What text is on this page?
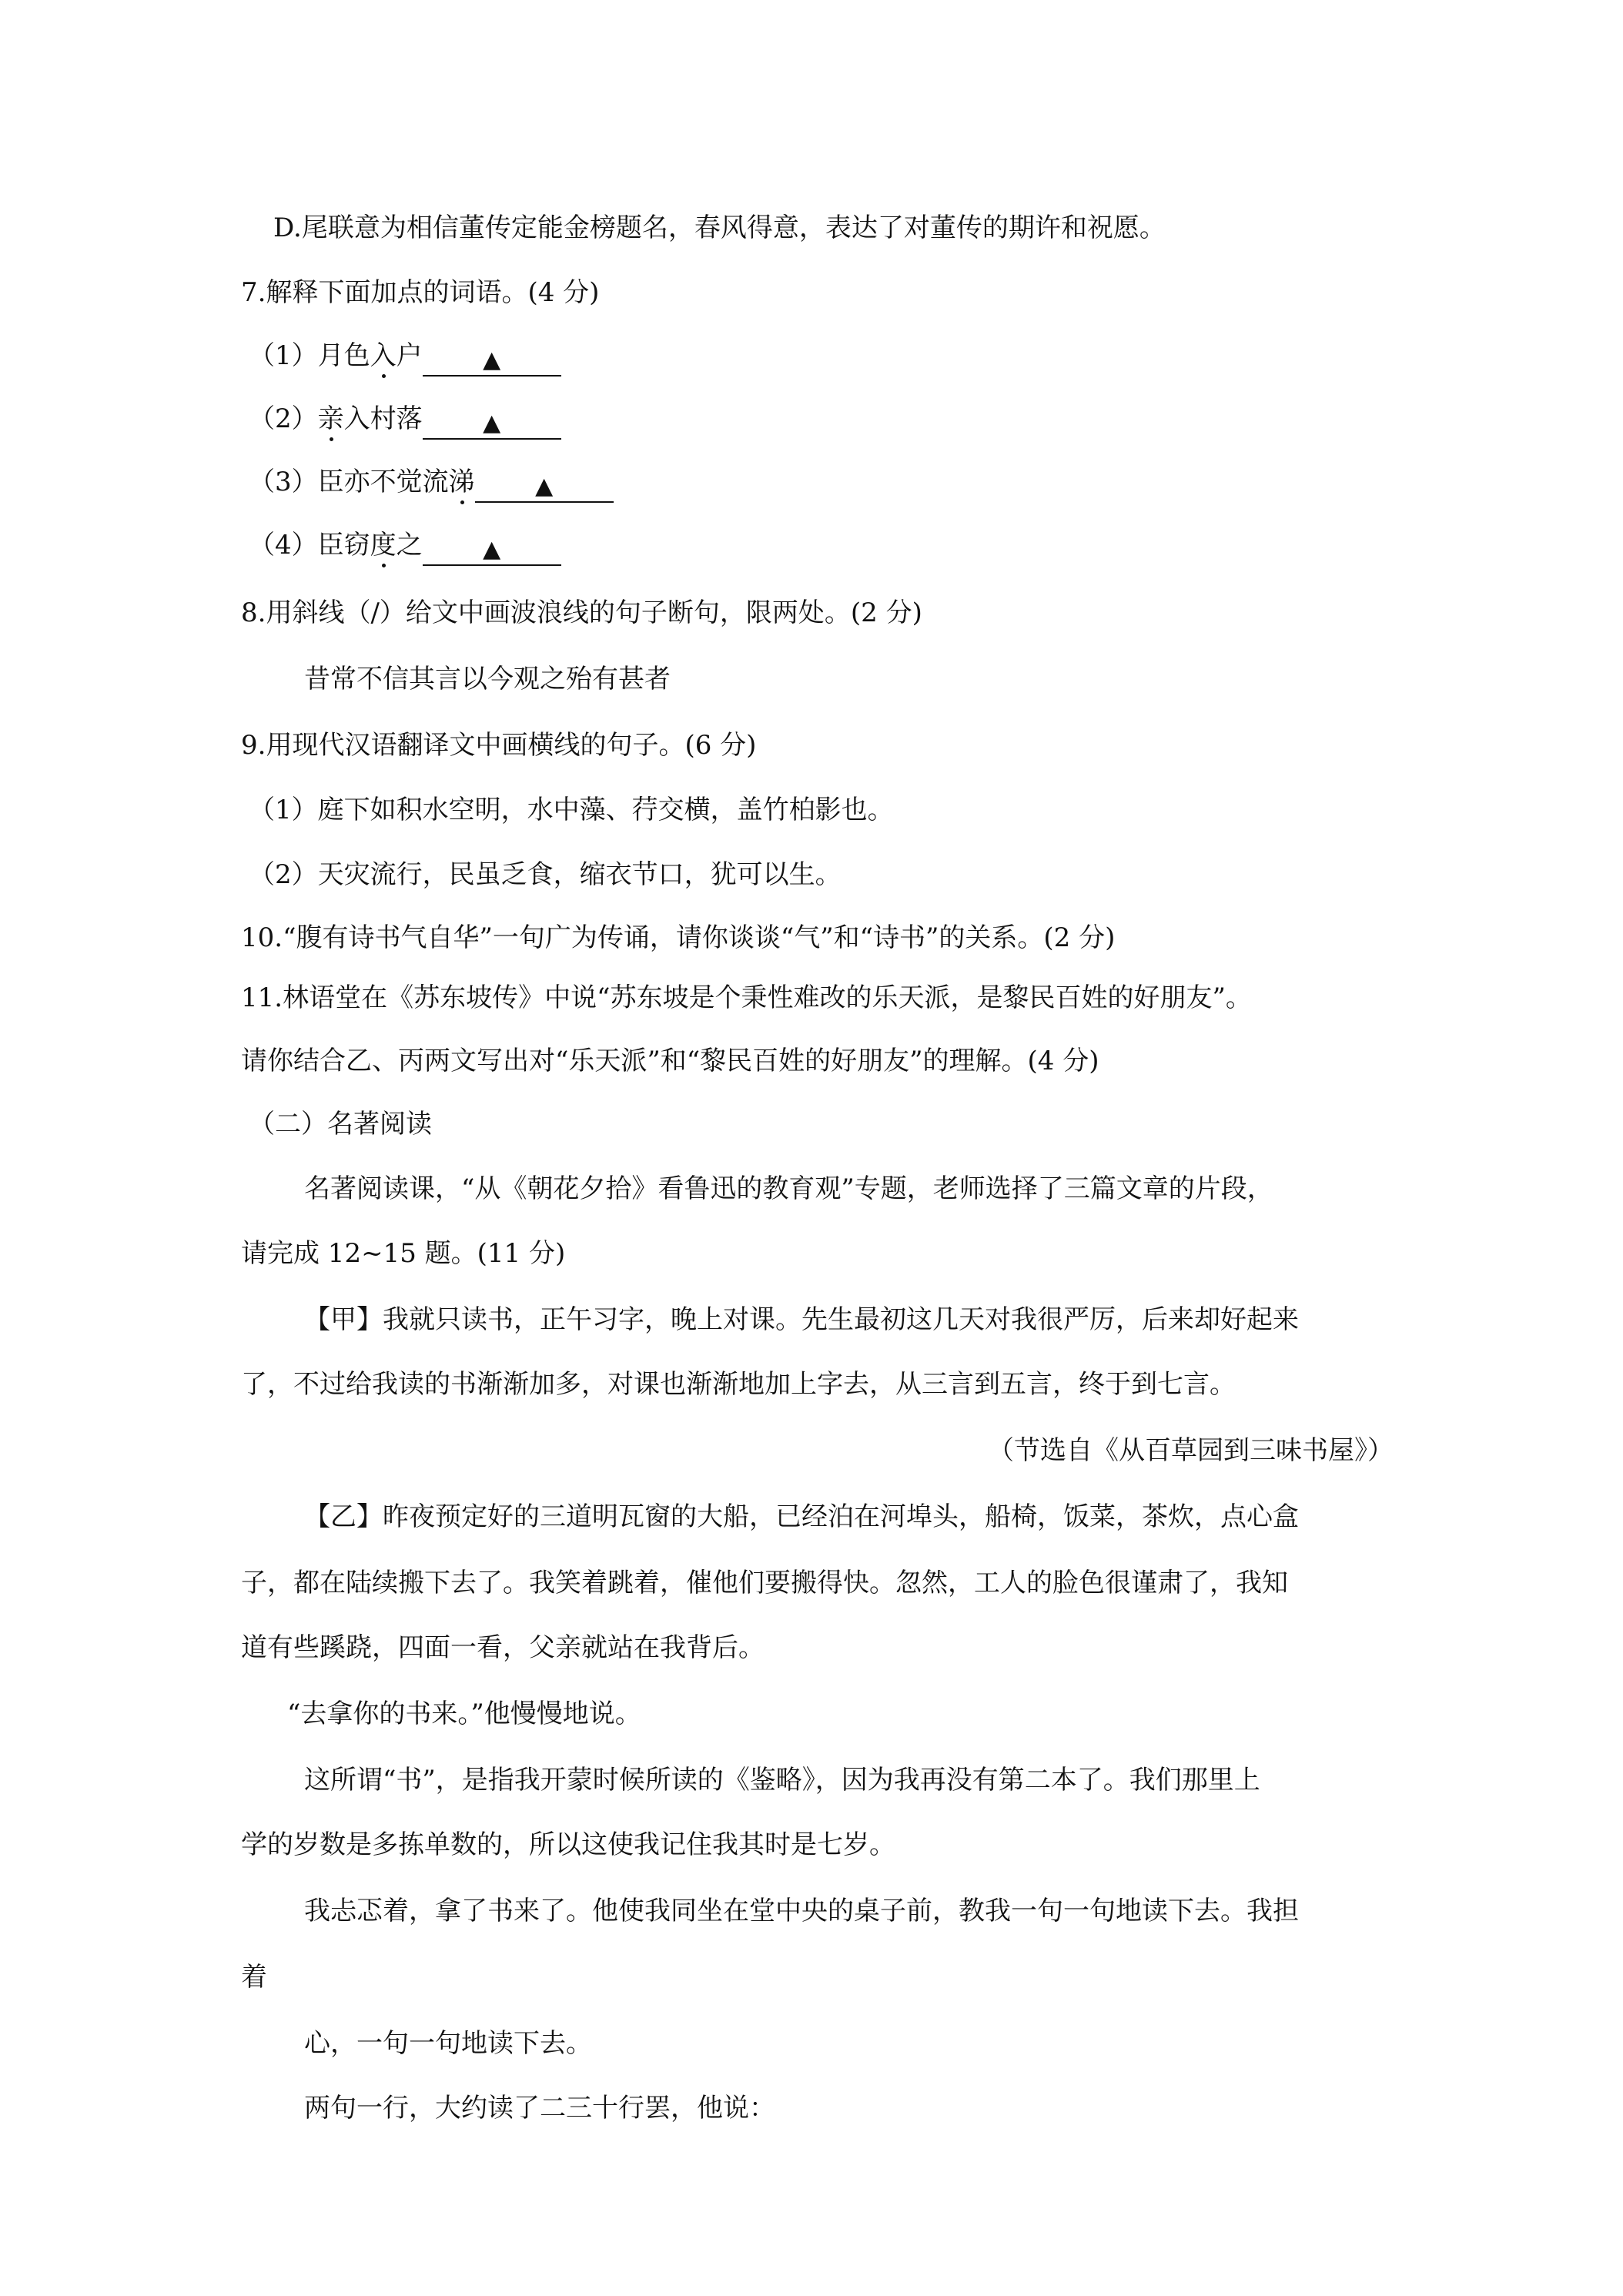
D.尾联意为相信董传定能金榜题名，春风得意，表达了对董传的期许和祝愿。
7.解释下面加点的词语。(4 分)
（1）月色入户	▲
（2）亲入村落	▲
（3）臣亦不觉流涕	▲
（4）臣窃度之	▲
8.用斜线（/）给文中画波浪线的句子断句，限两处。(2 分)
昔常不信其言以今观之殆有甚者
9.用现代汉语翻译文中画横线的句子。(6 分)
（1）庭下如积水空明，水中藻、荇交横，盖竹柏影也。
（2）天灾流行，民虽乏食，缩衣节口，犹可以生。
10.“腹有诗书气自华”一句广为传诵，请你谈谈“气”和“诗书”的关系。(2 分)
11.林语堂在《苏东坡传》中说“苏东坡是个秉性难改的乐天派，是黎民百姓的好朋友”。
请你结合乙、丙两文写出对“乐天派”和“黎民百姓的好朋友”的理解。(4 分)
（二）名著阅读
名著阅读课，“从《朝花夕拾》看鲁迅的教育观”专题，老师选择了三篇文章的片段，
请完成 12~15 题。(11 分)
【甲】我就只读书，正午习字，晚上对课。先生最初这几天对我很严厉，后来却好起来
了，不过给我读的书渐渐加多，对课也渐渐地加上字去，从三言到五言，终于到七言。
（节选自《从百草园到三味书屋》）
【乙】昨夜预定好的三道明瓦窗的大船，已经泊在河埠头，船椅，饭菜，茶炊，点心盒
子，都在陆续搬下去了。我笑着跳着，催他们要搬得快。忽然，工人的脸色很谨肃了，我知
道有些蹊跷，四面一看，父亲就站在我背后。
“去拿你的书来。”他慢慢地说。
这所谓“书”，是指我开蒙时候所读的《鉴略》，因为我再没有第二本了。我们那里上
学的岁数是多拣单数的，所以这使我记住我其时是七岁。
我忐忑着，拿了书来了。他使我同坐在堂中央的桌子前，教我一句一句地读下去。我担
着
心，一句一句地读下去。
两句一行，大约读了二三十行罢，他说：
